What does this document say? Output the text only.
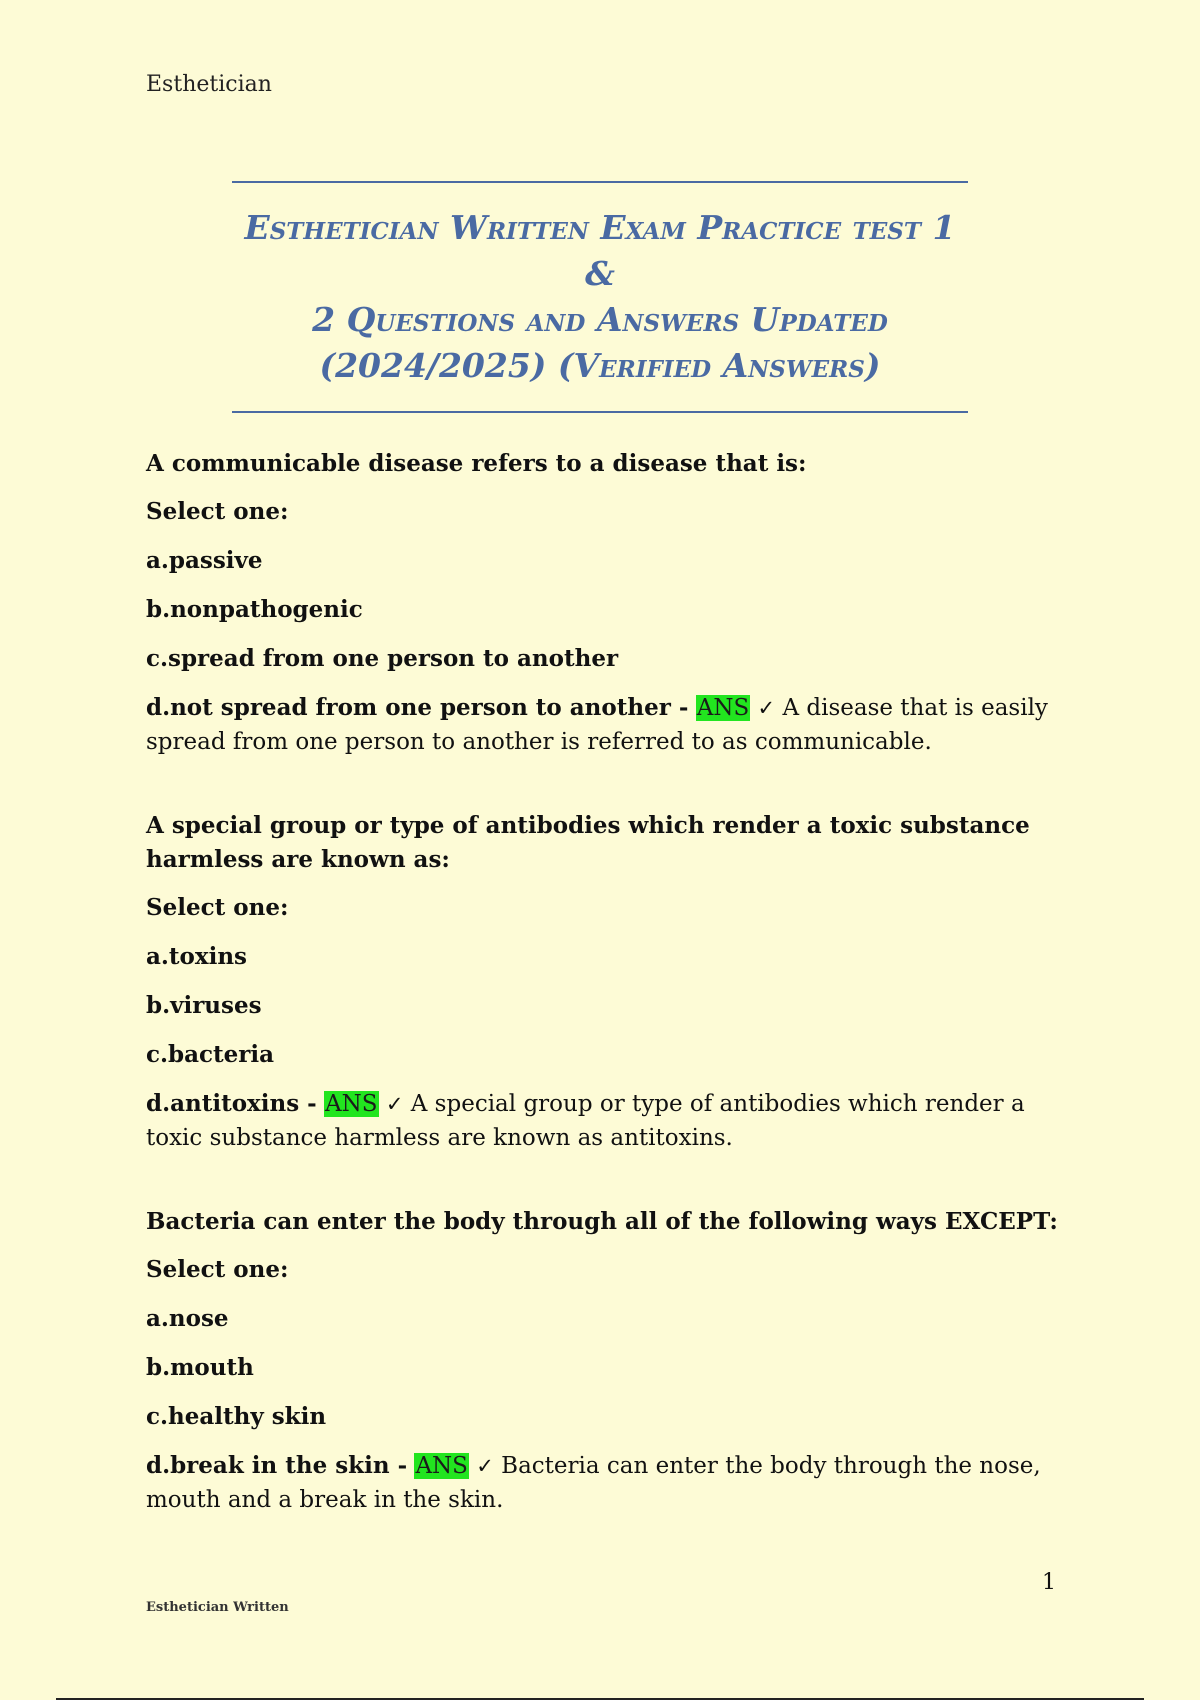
Esthetician
Esthetician Written Exam Practice test 1 &
2 Questions and Answers Updated
(2024/2025) (Verified Answers)

A communicable disease refers to a disease that is:

Select one:

a.passive

b.nonpathogenic

c.spread from one person to another

d.not spread from one person to another - ANS ✓ A disease that is easily spread from one person to another is referred to as communicable.

A special group or type of antibodies which render a toxic substance harmless are known as:

Select one:

a.toxins

b.viruses

c.bacteria

d.antitoxins - ANS ✓ A special group or type of antibodies which render a toxic substance harmless are known as antitoxins.

Bacteria can enter the body through all of the following ways EXCEPT:

Select one:

a.nose

b.mouth

c.healthy skin

d.break in the skin - ANS ✓ Bacteria can enter the body through the nose, mouth and a break in the skin.

1
Esthetician Written
